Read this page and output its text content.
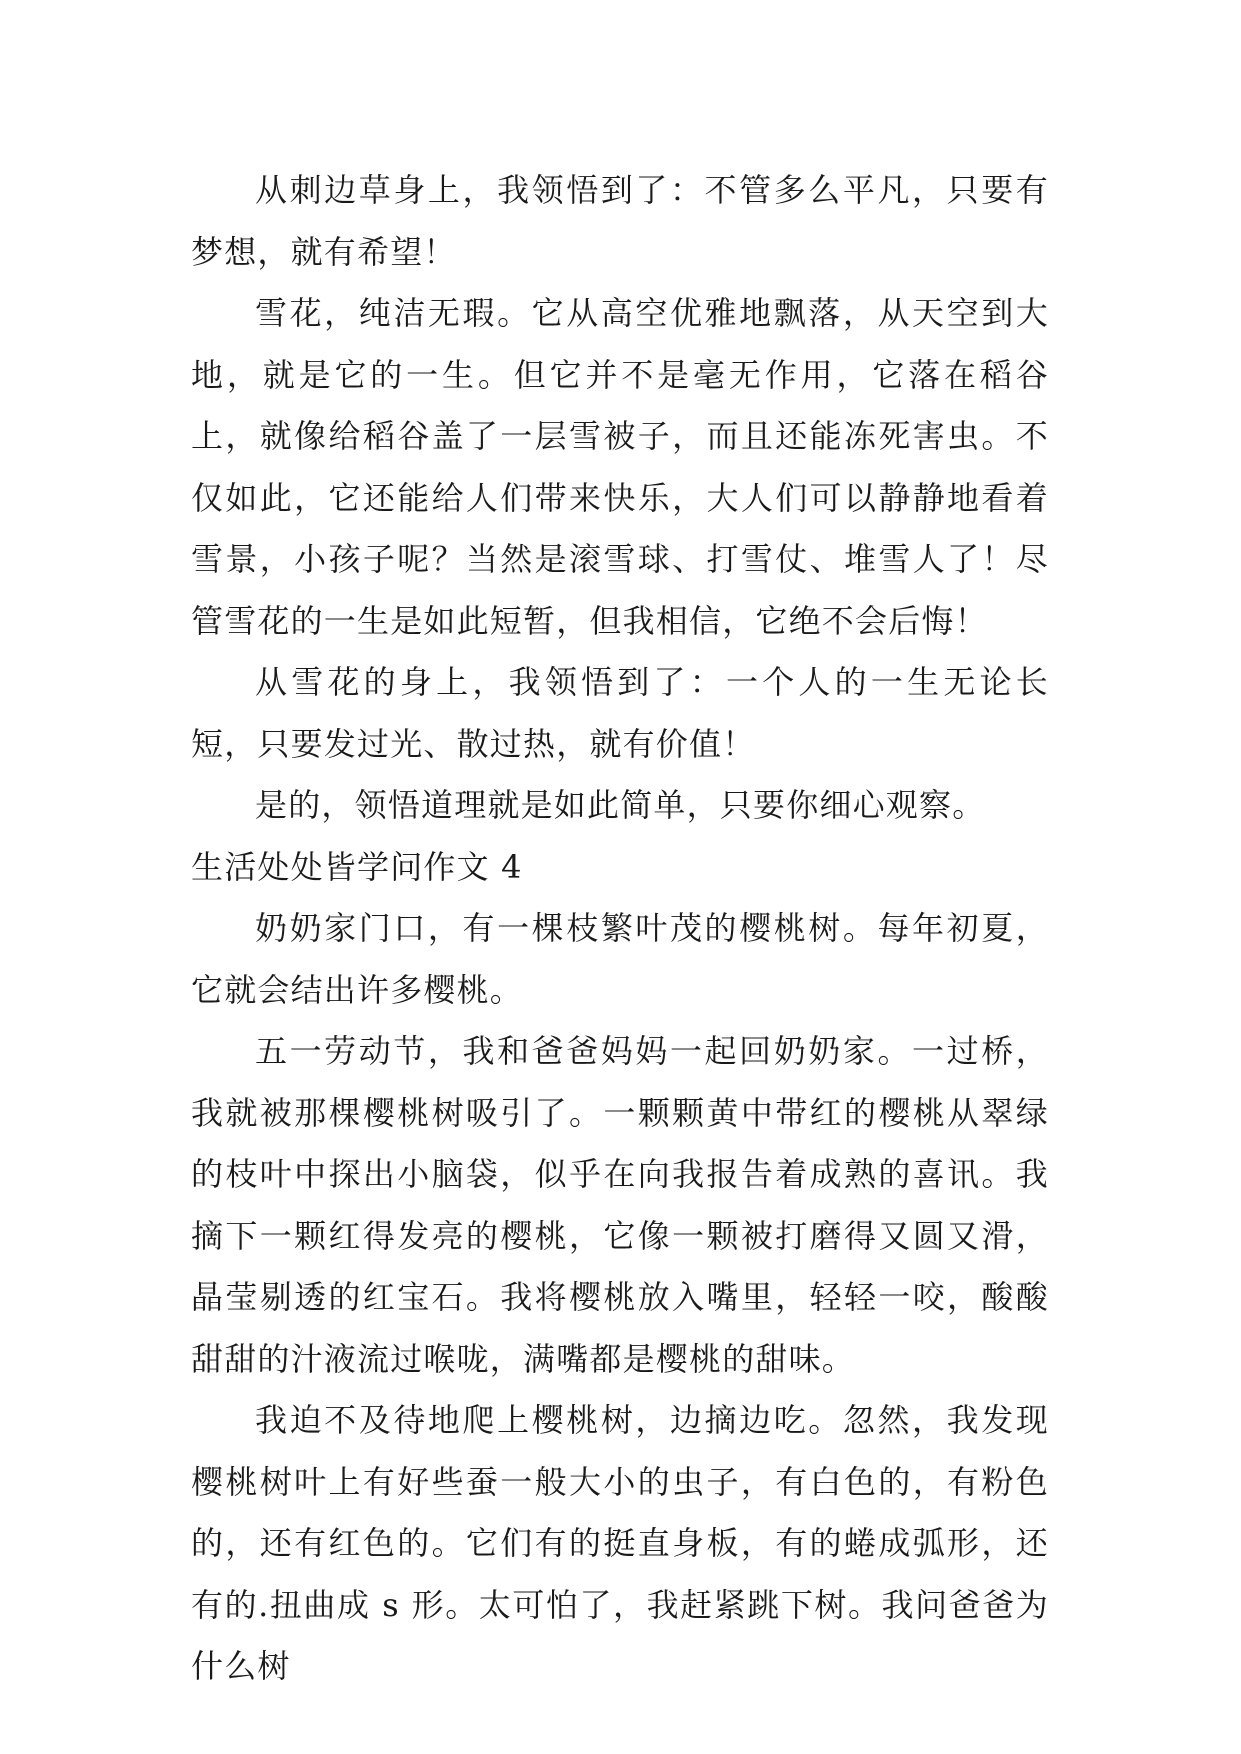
从刺边草身上，我领悟到了：不管多么平凡，只要有梦想，就有希望！

雪花，纯洁无瑕。它从高空优雅地飘落，从天空到大地，就是它的一生。但它并不是毫无作用，它落在稻谷上，就像给稻谷盖了一层雪被子，而且还能冻死害虫。不仅如此，它还能给人们带来快乐，大人们可以静静地看着雪景，小孩子呢？当然是滚雪球、打雪仗、堆雪人了！尽管雪花的一生是如此短暂，但我相信，它绝不会后悔！

从雪花的身上，我领悟到了：一个人的一生无论长短，只要发过光、散过热，就有价值！

是的，领悟道理就是如此简单，只要你细心观察。

生活处处皆学问作文 4

奶奶家门口，有一棵枝繁叶茂的樱桃树。每年初夏，它就会结出许多樱桃。

五一劳动节，我和爸爸妈妈一起回奶奶家。一过桥，我就被那棵樱桃树吸引了。一颗颗黄中带红的樱桃从翠绿的枝叶中探出小脑袋，似乎在向我报告着成熟的喜讯。我摘下一颗红得发亮的樱桃，它像一颗被打磨得又圆又滑，晶莹剔透的红宝石。我将樱桃放入嘴里，轻轻一咬，酸酸甜甜的汁液流过喉咙，满嘴都是樱桃的甜味。

我迫不及待地爬上樱桃树，边摘边吃。忽然，我发现樱桃树叶上有好些蚕一般大小的虫子，有白色的，有粉色的，还有红色的。它们有的挺直身板，有的蜷成弧形，还有的.扭曲成 s 形。太可怕了，我赶紧跳下树。我问爸爸为什么树
